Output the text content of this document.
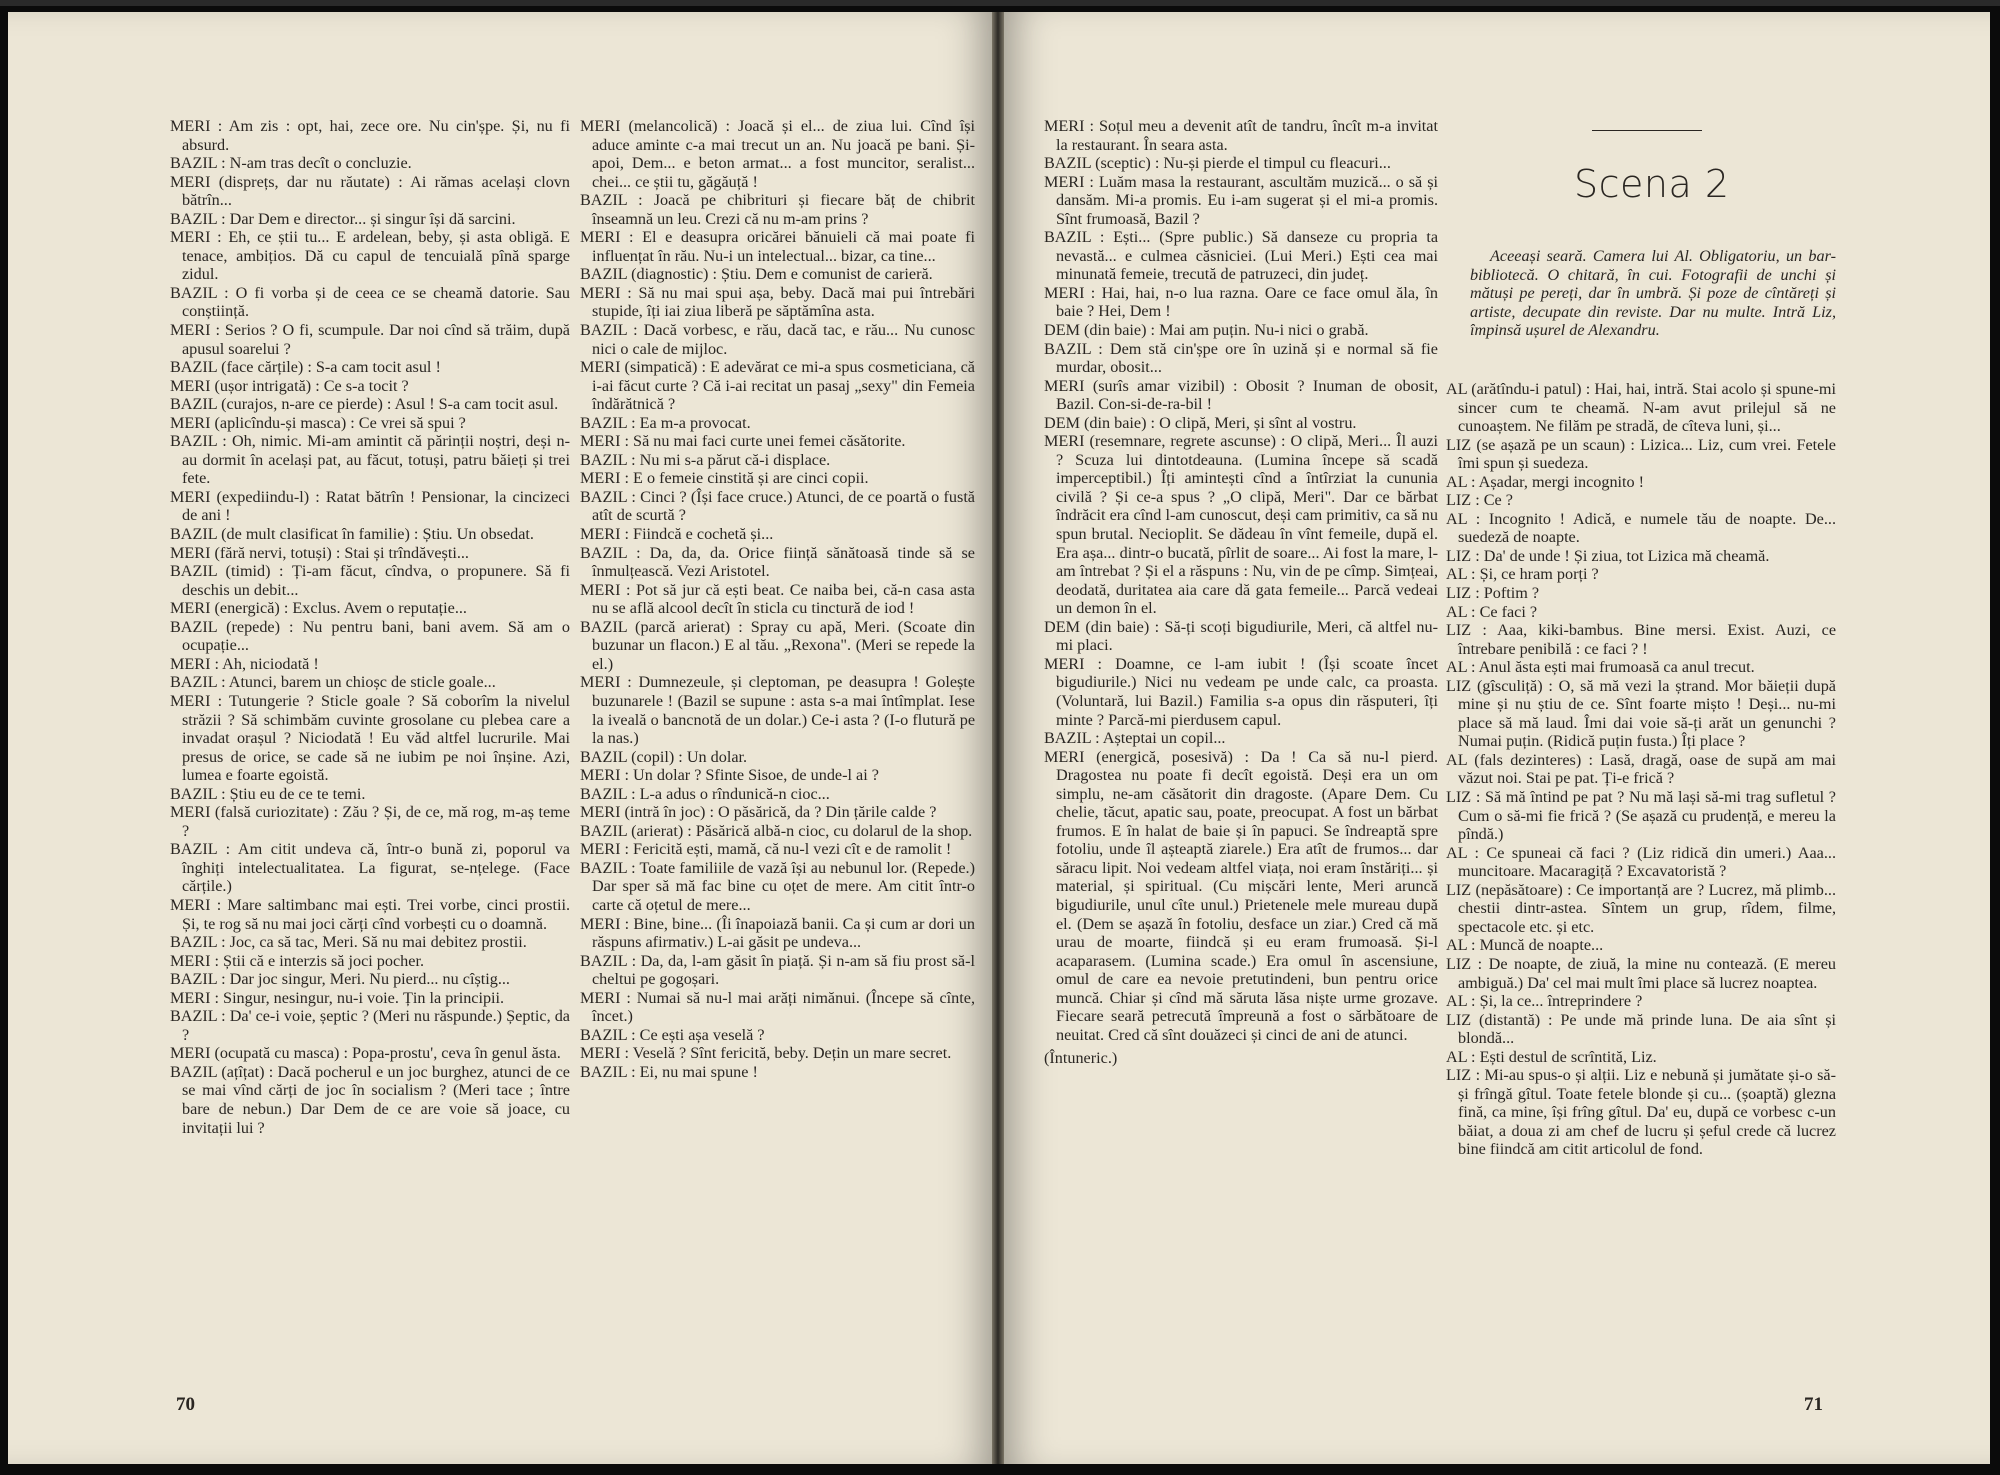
MERI : Am zis : opt, hai, zece ore. Nu cin'șpe. Și, nu fi absurd.

BAZIL : N-am tras decît o concluzie.

MERI (disprețs, dar nu răutate) : Ai rămas același clovn bătrîn...

BAZIL : Dar Dem e director... și singur își dă sarcini.

MERI : Eh, ce știi tu... E ardelean, beby, și asta obligă. E tenace, ambițios. Dă cu capul de tencuială pînă sparge zidul.

BAZIL : O fi vorba și de ceea ce se cheamă datorie. Sau conștiință.

MERI : Serios ? O fi, scumpule. Dar noi cînd să trăim, după apusul soarelui ?

BAZIL (face cărțile) : S-a cam tocit asul !

MERI (ușor intrigată) : Ce s-a tocit ?

BAZIL (curajos, n-are ce pierde) : Asul ! S-a cam tocit asul.

MERI (aplicîndu-și masca) : Ce vrei să spui ?

BAZIL : Oh, nimic. Mi-am amintit că părinții noștri, deși n-au dormit în același pat, au făcut, totuși, patru băieți și trei fete.

MERI (expediindu-l) : Ratat bătrîn ! Pensionar, la cincizeci de ani !

BAZIL (de mult clasificat în familie) : Știu. Un obsedat.

MERI (fără nervi, totuși) : Stai și trîndăvești...

BAZIL (timid) : Ți-am făcut, cîndva, o propunere. Să fi deschis un debit...

MERI (energică) : Exclus. Avem o reputație...

BAZIL (repede) : Nu pentru bani, bani avem. Să am o ocupație...

MERI : Ah, niciodată !

BAZIL : Atunci, barem un chioșc de sticle goale...

MERI : Tutungerie ? Sticle goale ? Să coborîm la nivelul străzii ? Să schimbăm cuvinte grosolane cu plebea care a invadat orașul ? Niciodată ! Eu văd altfel lucrurile. Mai presus de orice, se cade să ne iubim pe noi înșine. Azi, lumea e foarte egoistă.

BAZIL : Știu eu de ce te temi.

MERI (falsă curiozitate) : Zău ? Și, de ce, mă rog, m-aș teme ?

BAZIL : Am citit undeva că, într-o bună zi, poporul va înghiți intelectualitatea. La figurat, se-nțelege. (Face cărțile.)

MERI : Mare saltimbanc mai ești. Trei vorbe, cinci prostii. Și, te rog să nu mai joci cărți cînd vorbești cu o doamnă.

BAZIL : Joc, ca să tac, Meri. Să nu mai debitez prostii.

MERI : Știi că e interzis să joci pocher.

BAZIL : Dar joc singur, Meri. Nu pierd... nu cîștig...

MERI : Singur, nesingur, nu-i voie. Țin la principii.

BAZIL : Da' ce-i voie, șeptic ? (Meri nu răspunde.) Șeptic, da ?

MERI (ocupată cu masca) : Popa-prostu', ceva în genul ăsta.

BAZIL (ațîțat) : Dacă pocherul e un joc burghez, atunci de ce se mai vînd cărți de joc în socialism ? (Meri tace ; între bare de nebun.) Dar Dem de ce are voie să joace, cu invitații lui ?

MERI (melancolică) : Joacă și el... de ziua lui. Cînd își aduce aminte c-a mai trecut un an. Nu joacă pe bani. Și-apoi, Dem... e beton armat... a fost muncitor, seralist... chei... ce știi tu, găgăuță !

BAZIL : Joacă pe chibrituri și fiecare băț de chibrit înseamnă un leu. Crezi că nu m-am prins ?

MERI : El e deasupra oricărei bănuieli că mai poate fi influențat în rău. Nu-i un intelectual... bizar, ca tine...

BAZIL (diagnostic) : Știu. Dem e comunist de carieră.

MERI : Să nu mai spui așa, beby. Dacă mai pui întrebări stupide, îți iai ziua liberă pe săptămîna asta.

BAZIL : Dacă vorbesc, e rău, dacă tac, e rău... Nu cunosc nici o cale de mijloc.

MERI (simpatică) : E adevărat ce mi-a spus cosmeticiana, că i-ai făcut curte ? Că i-ai recitat un pasaj „sexy" din Femeia îndărătnică ?

BAZIL : Ea m-a provocat.

MERI : Să nu mai faci curte unei femei căsătorite.

BAZIL : Nu mi s-a părut că-i displace.

MERI : E o femeie cinstită și are cinci copii.

BAZIL : Cinci ? (Își face cruce.) Atunci, de ce poartă o fustă atît de scurtă ?

MERI : Fiindcă e cochetă și...

BAZIL : Da, da, da. Orice ființă sănătoasă tinde să se înmulțească. Vezi Aristotel.

MERI : Pot să jur că ești beat. Ce naiba bei, că-n casa asta nu se află alcool decît în sticla cu tinctură de iod !

BAZIL (parcă arierat) : Spray cu apă, Meri. (Scoate din buzunar un flacon.) E al tău. „Rexona". (Meri se repede la el.)

MERI : Dumnezeule, și cleptoman, pe deasupra ! Golește buzunarele ! (Bazil se supune : asta s-a mai întîmplat. Iese la iveală o bancnotă de un dolar.) Ce-i asta ? (I-o flutură pe la nas.)

BAZIL (copil) : Un dolar.

MERI : Un dolar ? Sfinte Sisoe, de unde-l ai ?

BAZIL : L-a adus o rîndunică-n cioc...

MERI (intră în joc) : O păsărică, da ? Din țările calde ?

BAZIL (arierat) : Păsărică albă-n cioc, cu dolarul de la shop.

MERI : Fericită ești, mamă, că nu-l vezi cît e de ramolit !

BAZIL : Toate familiile de vază își au nebunul lor. (Repede.) Dar sper să mă fac bine cu oțet de mere. Am citit într-o carte că oțetul de mere...

MERI : Bine, bine... (Îi înapoiază banii. Ca și cum ar dori un răspuns afirmativ.) L-ai găsit pe undeva...

BAZIL : Da, da, l-am găsit în piață. Și n-am să fiu prost să-l cheltui pe gogoșari.

MERI : Numai să nu-l mai arăți nimănui. (Începe să cînte, încet.)

BAZIL : Ce ești așa veselă ?

MERI : Veselă ? Sînt fericită, beby. Dețin un mare secret.

BAZIL : Ei, nu mai spune !

70

MERI : Soțul meu a devenit atît de tandru, încît m-a invitat la restaurant. În seara asta.

BAZIL (sceptic) : Nu-și pierde el timpul cu fleacuri...

MERI : Luăm masa la restaurant, ascultăm muzică... o să și dansăm. Mi-a promis. Eu i-am sugerat și el mi-a promis. Sînt frumoasă, Bazil ?

BAZIL : Ești... (Spre public.) Să danseze cu propria ta nevastă... e culmea căsniciei. (Lui Meri.) Ești cea mai minunată femeie, trecută de patruzeci, din județ.

MERI : Hai, hai, n-o lua razna. Oare ce face omul ăla, în baie ? Hei, Dem !

DEM (din baie) : Mai am puțin. Nu-i nici o grabă.

BAZIL : Dem stă cin'șpe ore în uzină și e normal să fie murdar, obosit...

MERI (surîs amar vizibil) : Obosit ? Inuman de obosit, Bazil. Con-si-de-ra-bil !

DEM (din baie) : O clipă, Meri, și sînt al vostru.

MERI (resemnare, regrete ascunse) : O clipă, Meri... Îl auzi ? Scuza lui dintotdeauna. (Lumina începe să scadă imperceptibil.) Îți amintești cînd a întîrziat la cununia civilă ? Și ce-a spus ? „O clipă, Meri". Dar ce bărbat îndrăcit era cînd l-am cunoscut, deși cam primitiv, ca să nu spun brutal. Necioplit. Se dădeau în vînt femeile, după el. Era așa... dintr-o bucată, pîrlit de soare... Ai fost la mare, l-am întrebat ? Și el a răspuns : Nu, vin de pe cîmp. Simțeai, deodată, duritatea aia care dă gata femeile... Parcă vedeai un demon în el.

DEM (din baie) : Să-ți scoți bigudiurile, Meri, că altfel nu-mi placi.

MERI : Doamne, ce l-am iubit ! (Își scoate încet bigudiurile.) Nici nu vedeam pe unde calc, ca proasta. (Voluntară, lui Bazil.) Familia s-a opus din răsputeri, îți minte ? Parcă-mi pierdusem capul.

BAZIL : Așteptai un copil...

MERI (energică, posesivă) : Da ! Ca să nu-l pierd. Dragostea nu poate fi decît egoistă. Deși era un om simplu, ne-am căsătorit din dragoste. (Apare Dem. Cu chelie, tăcut, apatic sau, poate, preocupat. A fost un bărbat frumos. E în halat de baie și în papuci. Se îndreaptă spre fotoliu, unde îl așteaptă ziarele.) Era atît de frumos... dar săracu lipit. Noi vedeam altfel viața, noi eram înstăriți... și material, și spiritual. (Cu mișcări lente, Meri aruncă bigudiurile, unul cîte unul.) Prietenele mele mureau după el. (Dem se așază în fotoliu, desface un ziar.) Cred că mă urau de moarte, fiindcă și eu eram frumoasă. Și-l acaparasem. (Lumina scade.) Era omul în ascensiune, omul de care ea nevoie pretutindeni, bun pentru orice muncă. Chiar și cînd mă săruta lăsa niște urme grozave. Fiecare seară petrecută împreună a fost o sărbătoare de neuitat. Cred că sînt douăzeci și cinci de ani de atunci.

(Întuneric.)

Scena 2
Aceeași seară. Camera lui Al. Obligatoriu, un bar-bibliotecă. O chitară, în cui. Fotografii de unchi și mătuși pe pereți, dar în umbră. Și poze de cîntăreți și artiste, decupate din reviste. Dar nu multe. Intră Liz, împinsă ușurel de Alexandru.

AL (arătîndu-i patul) : Hai, hai, intră. Stai acolo și spune-mi sincer cum te cheamă. N-am avut prilejul să ne cunoaștem. Ne filăm pe stradă, de cîteva luni, și...

LIZ (se așază pe un scaun) : Lizica... Liz, cum vrei. Fetele îmi spun și suedeza.

AL : Așadar, mergi incognito !

LIZ : Ce ?

AL : Incognito ! Adică, e numele tău de noapte. De... suedeză de noapte.

LIZ : Da' de unde ! Și ziua, tot Lizica mă cheamă.

AL : Și, ce hram porți ?

LIZ : Poftim ?

AL : Ce faci ?

LIZ : Aaa, kiki-bambus. Bine mersi. Exist. Auzi, ce întrebare penibilă : ce faci ? !

AL : Anul ăsta ești mai frumoasă ca anul trecut.

LIZ (gîsculiță) : O, să mă vezi la ștrand. Mor băieții după mine și nu știu de ce. Sînt foarte mișto ! Deși... nu-mi place să mă laud. Îmi dai voie să-ți arăt un genunchi ? Numai puțin. (Ridică puțin fusta.) Îți place ?

AL (fals dezinteres) : Lasă, dragă, oase de supă am mai văzut noi. Stai pe pat. Ți-e frică ?

LIZ : Să mă întind pe pat ? Nu mă lași să-mi trag sufletul ? Cum o să-mi fie frică ? (Se așază cu prudență, e mereu la pîndă.)

AL : Ce spuneai că faci ? (Liz ridică din umeri.) Aaa... muncitoare. Macaragiță ? Excavatoristă ?

LIZ (nepăsătoare) : Ce importanță are ? Lucrez, mă plimb... chestii dintr-astea. Sîntem un grup, rîdem, filme, spectacole etc. și etc.

AL : Muncă de noapte...

LIZ : De noapte, de ziuă, la mine nu contează. (E mereu ambiguă.) Da' cel mai mult îmi place să lucrez noaptea.

AL : Și, la ce... întreprindere ?

LIZ (distantă) : Pe unde mă prinde luna. De aia sînt și blondă...

AL : Ești destul de scrîntită, Liz.

LIZ : Mi-au spus-o și alții. Liz e nebună și jumătate și-o să-și frîngă gîtul. Toate fetele blonde și cu... (șoaptă) glezna fină, ca mine, își frîng gîtul. Da' eu, după ce vorbesc c-un băiat, a doua zi am chef de lucru și șeful crede că lucrez bine fiindcă am citit articolul de fond.

71
